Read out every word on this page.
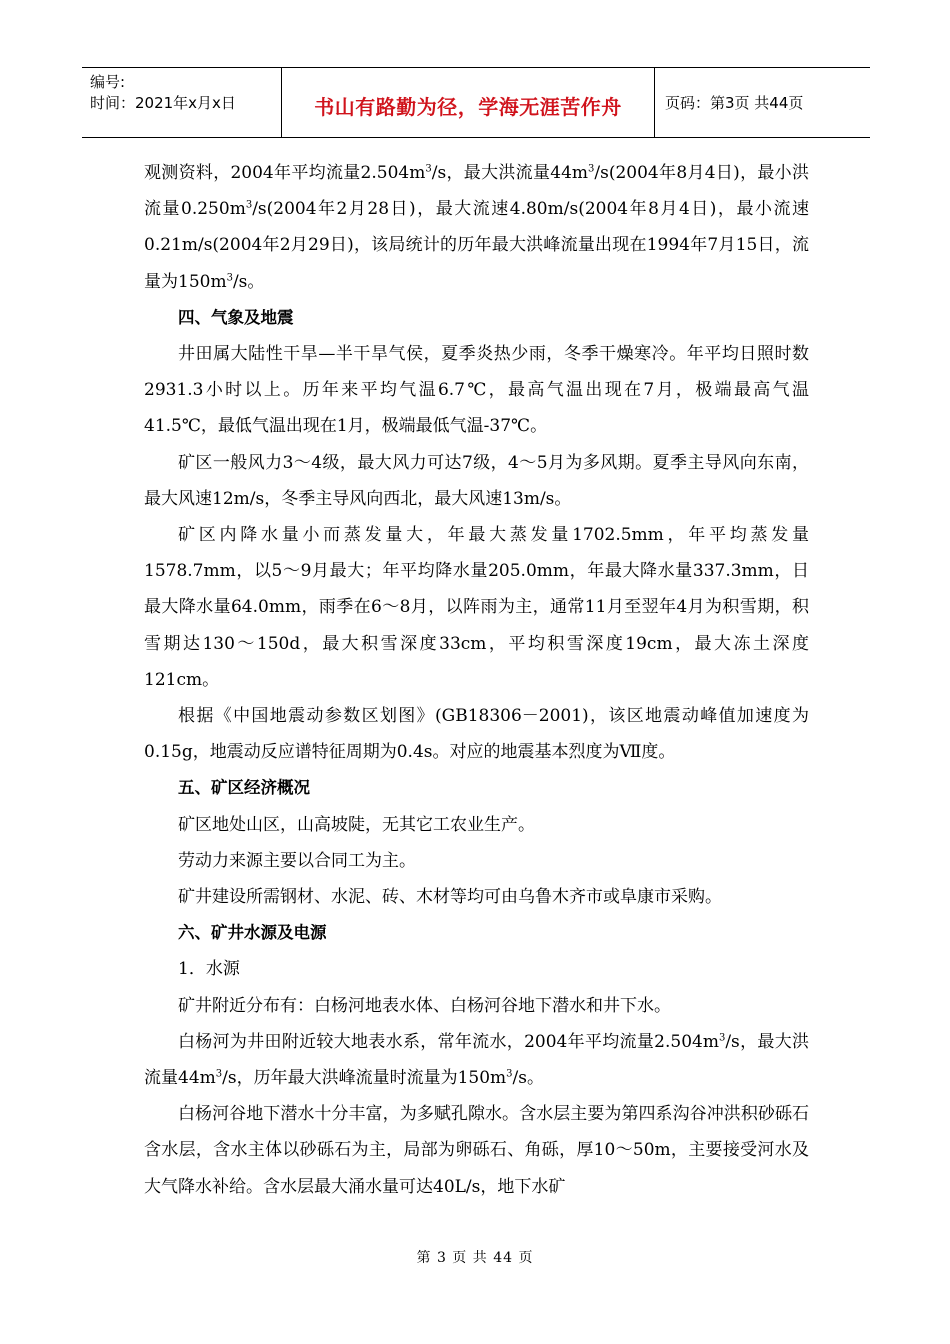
编号:
时间：2021年x月x日	书山有路勤为径，学海无涯苦作舟	页码：第3页 共44页

观测资料，2004年平均流量$2.504m^3/s$，最大洪流量$44m^3/s(2004$年8月4日)，最小洪流量$0.250m^3/s(2004$年2月28日)，最大流速4.80m/s(2004年8月4日)，最小流速0.21m/s(2004年2月29日)，该局统计的历年最大洪峰流量出现在1994年7月15日，流量为$150m^3/s$。

四、气象及地震

井田属大陆性干旱—半干旱气侯，夏季炎热少雨，冬季干燥寒冷。年平均日照时数2931.3小时以上。历年来平均气温6.7℃，最高气温出现在7月，极端最高气温41.5℃，最低气温出现在1月，极端最低气温-37℃。

矿区一般风力3～4级，最大风力可达7级，4～5月为多风期。夏季主导风向东南，最大风速12m/s，冬季主导风向西北，最大风速13m/s。

矿区内降水量小而蒸发量大，年最大蒸发量1702.5mm，年平均蒸发量1578.7mm，以5～9月最大；年平均降水量205.0mm，年最大降水量337.3mm，日最大降水量64.0mm，雨季在6～8月，以阵雨为主，通常11月至翌年4月为积雪期，积雪期达130～150d，最大积雪深度33cm，平均积雪深度19cm，最大冻土深度121cm。

根据《中国地震动参数区划图》(GB18306－2001)，该区地震动峰值加速度为0.15g，地震动反应谱特征周期为0.4s。对应的地震基本烈度为Ⅶ度。

五、矿区经济概况

矿区地处山区，山高坡陡，无其它工农业生产。

劳动力来源主要以合同工为主。

矿井建设所需钢材、水泥、砖、木材等均可由乌鲁木齐市或阜康市采购。

六、矿井水源及电源

1．水源

矿井附近分布有：白杨河地表水体、白杨河谷地下潜水和井下水。

白杨河为井田附近较大地表水系，常年流水，2004年平均流量$2.504m^3/s$，最大洪流量$44m^3/s$，历年最大洪峰流量时流量为$150m^3/s$。

白杨河谷地下潜水十分丰富，为多赋孔隙水。含水层主要为第四系沟谷冲洪积砂砾石含水层，含水主体以砂砾石为主，局部为卵砾石、角砾，厚10～50m，主要接受河水及大气降水补给。含水层最大涌水量可达40L/s，地下水矿

第 3 页 共 44 页
